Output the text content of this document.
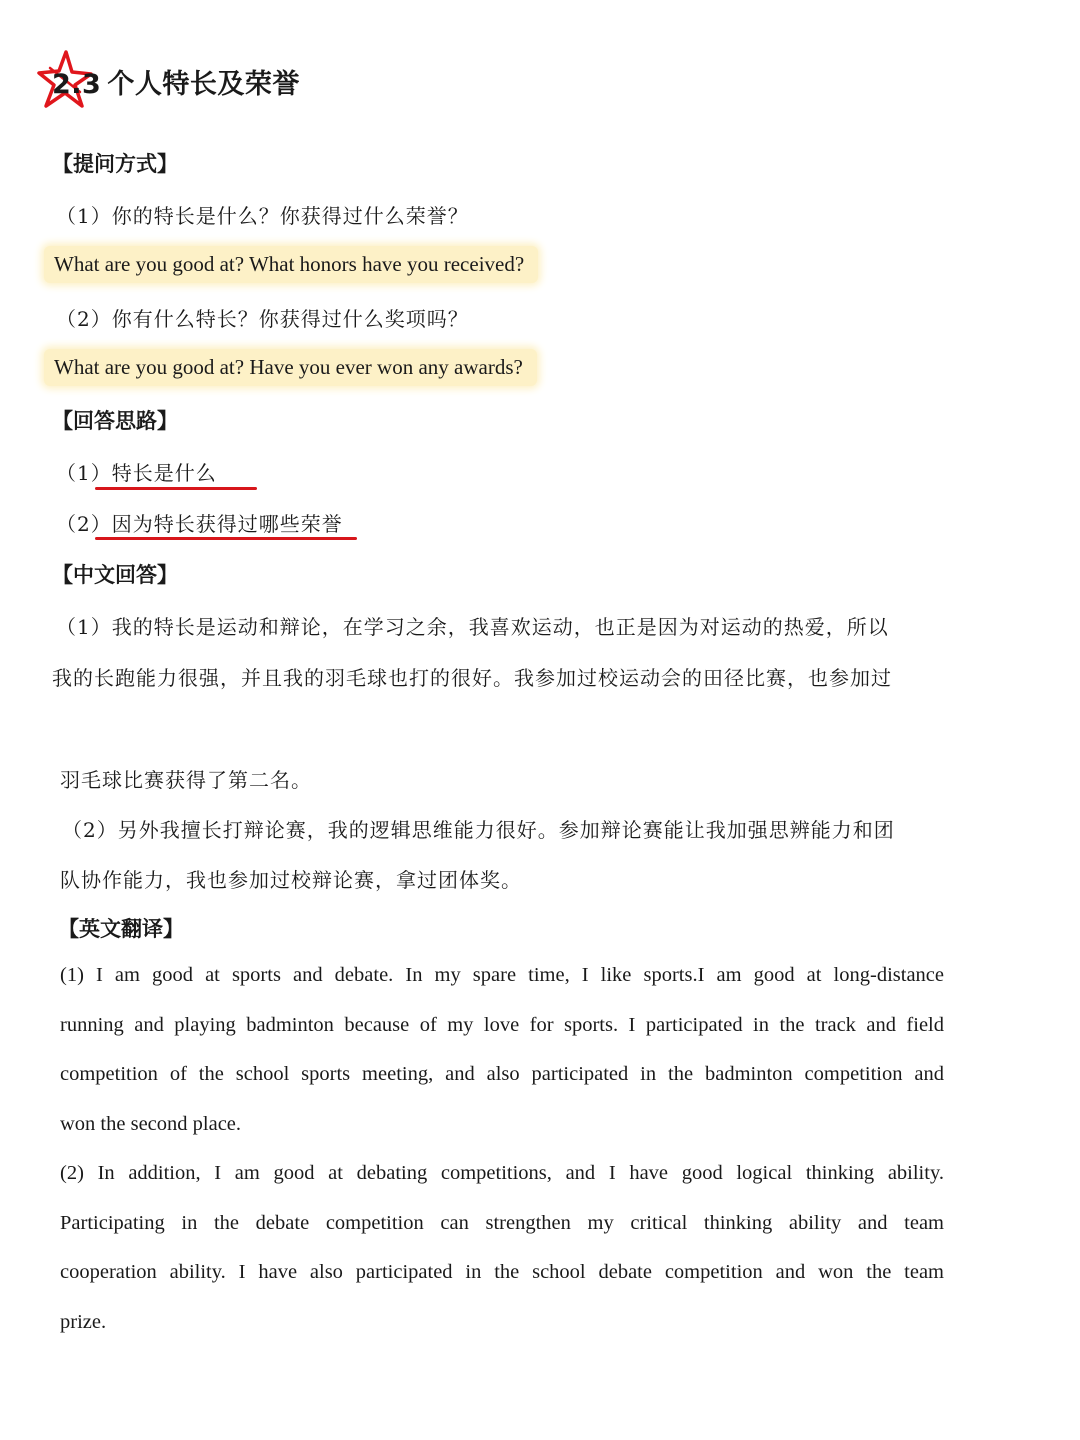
2.3 个人特长及荣誉
【提问方式】
（1）你的特长是什么？你获得过什么荣誉？
What are you good at? What honors have you received?
（2）你有什么特长？你获得过什么奖项吗？
What are you good at? Have you ever won any awards?
【回答思路】
（1）特长是什么
（2）因为特长获得过哪些荣誉
【中文回答】
（1）我的特长是运动和辩论，在学习之余，我喜欢运动，也正是因为对运动的热爱，所以
我的长跑能力很强，并且我的羽毛球也打的很好。我参加过校运动会的田径比赛，也参加过
羽毛球比赛获得了第二名。
（2）另外我擅长打辩论赛，我的逻辑思维能力很好。参加辩论赛能让我加强思辨能力和团
队协作能力，我也参加过校辩论赛，拿过团体奖。
【英文翻译】
(1) I am good at sports and debate. In my spare time, I like sports.I am good at long-distance
running and playing badminton because of my love for sports. I participated in the track and field
competition of the school sports meeting, and also participated in the badminton competition and
won the second place.
(2) In addition, I am good at debating competitions, and I have good logical thinking ability.
Participating in the debate competition can strengthen my critical thinking ability and team
cooperation ability. I have also participated in the school debate competition and won the team
prize.
